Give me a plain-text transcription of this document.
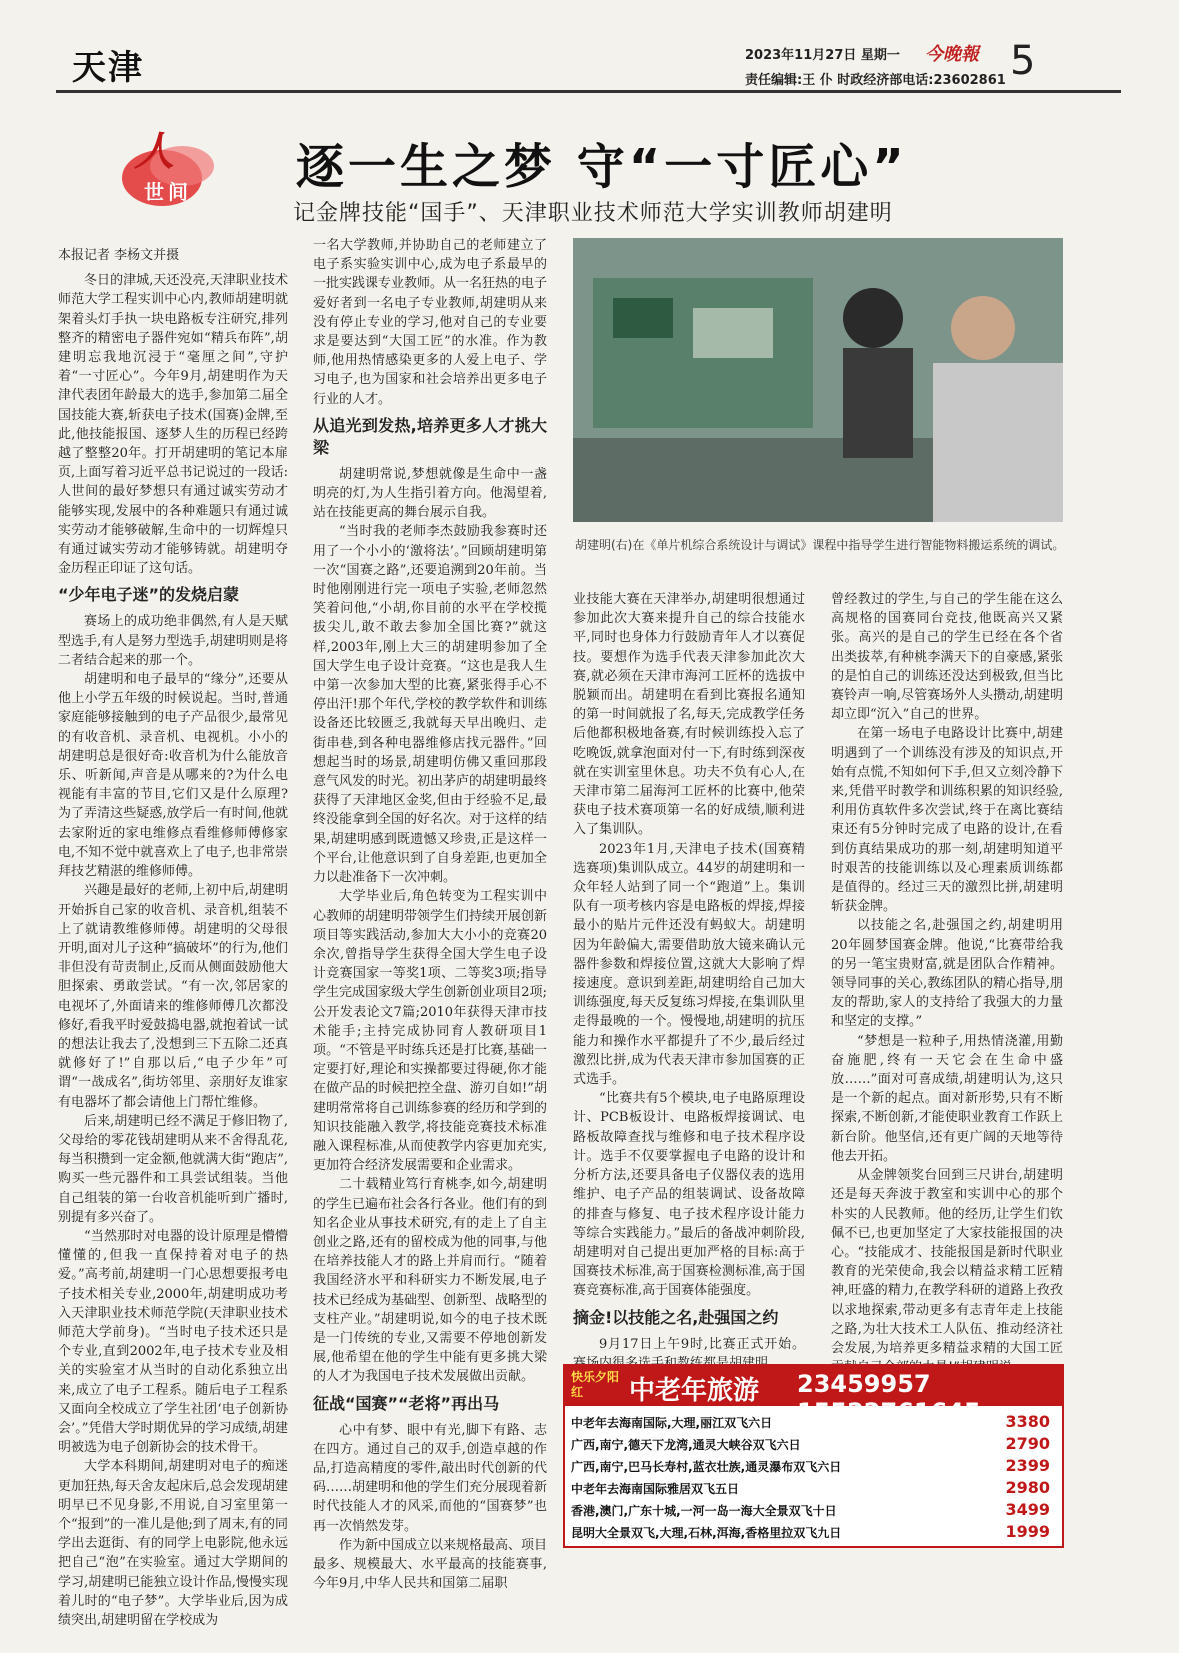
天津	2023年11月27日 星期一 今晚報
责任编辑:王 仆 时政经济部电话:23602861 5
人
世间 逐一生之梦 守“一寸匠心”
记金牌技能“国手”、天津职业技术师范大学实训教师胡建明

本报记者 李杨文并摄

冬日的津城,天还没亮,天津职业技术师范大学工程实训中心内,教师胡建明就架着头灯手执一块电路板专注研究,排列整齐的精密电子器件宛如“精兵布阵”,胡建明忘我地沉浸于“毫厘之间”,守护着“一寸匠心”。今年9月,胡建明作为天津代表团年龄最大的选手,参加第二届全国技能大赛,斩获电子技术(国赛)金牌,至此,他技能报国、逐梦人生的历程已经跨越了整整20年。打开胡建明的笔记本扉页,上面写着习近平总书记说过的一段话:人世间的最好梦想只有通过诚实劳动才能够实现,发展中的各种难题只有通过诚实劳动才能够破解,生命中的一切辉煌只有通过诚实劳动才能够铸就。胡建明夺金历程正印证了这句话。

“少年电子迷”的发烧启蒙

赛场上的成功绝非偶然,有人是天赋型选手,有人是努力型选手,胡建明则是将二者结合起来的那一个。

胡建明和电子最早的“缘分”,还要从他上小学五年级的时候说起。当时,普通家庭能够接触到的电子产品很少,最常见的有收音机、录音机、电视机。小小的胡建明总是很好奇:收音机为什么能放音乐、听新闻,声音是从哪来的?为什么电视能有丰富的节目,它们又是什么原理?为了弄清这些疑惑,放学后一有时间,他就去家附近的家电维修点看维修师傅修家电,不知不觉中就喜欢上了电子,也非常崇拜技艺精湛的维修师傅。

兴趣是最好的老师,上初中后,胡建明开始拆自己家的收音机、录音机,组装不上了就请教维修师傅。胡建明的父母很开明,面对儿子这种“搞破坏”的行为,他们非但没有苛责制止,反而从侧面鼓励他大胆探索、勇敢尝试。“有一次,邻居家的电视坏了,外面请来的维修师傅几次都没修好,看我平时爱鼓捣电器,就抱着试一试的想法让我去了,没想到三下五除二还真就修好了!”自那以后,“电子少年”可谓“一战成名”,街坊邻里、亲朋好友谁家有电器坏了都会请他上门帮忙维修。

后来,胡建明已经不满足于修旧物了,父母给的零花钱胡建明从来不舍得乱花,每当积攒到一定金额,他就满大街“跑店”,购买一些元器件和工具尝试组装。当他自己组装的第一台收音机能听到广播时,别提有多兴奋了。

“当然那时对电器的设计原理是懵懵懂懂的,但我一直保持着对电子的热爱。”高考前,胡建明一门心思想要报考电子技术相关专业,2000年,胡建明成功考入天津职业技术师范学院(天津职业技术师范大学前身)。“当时电子技术还只是个专业,直到2002年,电子技术专业及相关的实验室才从当时的自动化系独立出来,成立了电子工程系。随后电子工程系又面向全校成立了学生社团‘电子创新协会’。”凭借大学时期优异的学习成绩,胡建明被选为电子创新协会的技术骨干。

大学本科期间,胡建明对电子的痴迷更加狂热,每天舍友起床后,总会发现胡建明早已不见身影,不用说,自习室里第一个“报到”的一准儿是他;到了周末,有的同学出去逛街、有的同学上电影院,他永远把自己“泡”在实验室。通过大学期间的学习,胡建明已能独立设计作品,慢慢实现着儿时的“电子梦”。大学毕业后,因为成绩突出,胡建明留在学校成为

一名大学教师,并协助自己的老师建立了电子系实验实训中心,成为电子系最早的一批实践课专业教师。从一名狂热的电子爱好者到一名电子专业教师,胡建明从来没有停止专业的学习,他对自己的专业要求是要达到“大国工匠”的水准。作为教师,他用热情感染更多的人爱上电子、学习电子,也为国家和社会培养出更多电子行业的人才。

从追光到发热,培养更多人才挑大梁

胡建明常说,梦想就像是生命中一盏明亮的灯,为人生指引着方向。他渴望着,站在技能更高的舞台展示自我。

“当时我的老师李杰鼓励我参赛时还用了一个小小的‘激将法’。”回顾胡建明第一次“国赛之路”,还要追溯到20年前。当时他刚刚进行完一项电子实验,老师忽然笑着问他,“小胡,你目前的水平在学校揽拔尖儿,敢不敢去参加全国比赛?”就这样,2003年,刚上大三的胡建明参加了全国大学生电子设计竞赛。“这也是我人生中第一次参加大型的比赛,紧张得手心不停出汗!那个年代,学校的教学软件和训练设备还比较匮乏,我就每天早出晚归、走街串巷,到各种电器维修店找元器件。”回想起当时的场景,胡建明仿佛又重回那段意气风发的时光。初出茅庐的胡建明最终获得了天津地区金奖,但由于经验不足,最终没能拿到全国的好名次。对于这样的结果,胡建明感到既遗憾又珍贵,正是这样一个平台,让他意识到了自身差距,也更加全力以赴准备下一次冲刺。

大学毕业后,角色转变为工程实训中心教师的胡建明带领学生们持续开展创新项目等实践活动,参加大大小小的竞赛20余次,曾指导学生获得全国大学生电子设计竞赛国家一等奖1项、二等奖3项;指导学生完成国家级大学生创新创业项目2项;公开发表论文7篇;2010年获得天津市技术能手;主持完成协同育人教研项目1项。“不管是平时练兵还是打比赛,基础一定要打好,理论和实操都要过得硬,你才能在做产品的时候把控全盘、游刃自如!”胡建明常常将自己训练参赛的经历和学到的知识技能融入教学,将技能竞赛技术标准融入课程标准,从而使教学内容更加充实,更加符合经济发展需要和企业需求。

二十载精业笃行育桃李,如今,胡建明的学生已遍布社会各行各业。他们有的到知名企业从事技术研究,有的走上了自主创业之路,还有的留校成为他的同事,与他在培养技能人才的路上并肩而行。“随着我国经济水平和科研实力不断发展,电子技术已经成为基础型、创新型、战略型的支柱产业。”胡建明说,如今的电子技术既是一门传统的专业,又需要不停地创新发展,他希望在他的学生中能有更多挑大梁的人才为我国电子技术发展做出贡献。

征战“国赛”“老将”再出马

心中有梦、眼中有光,脚下有路、志在四方。通过自己的双手,创造卓越的作品,打造高精度的零件,敲出时代创新的代码……胡建明和他的学生们充分展现着新时代技能人才的风采,而他的“国赛梦”也再一次悄然发芽。

作为新中国成立以来规格最高、项目最多、规模最大、水平最高的技能赛事,今年9月,中华人民共和国第二届职

胡建明(右)在《单片机综合系统设计与调试》课程中指导学生进行智能物料搬运系统的调试。

业技能大赛在天津举办,胡建明很想通过参加此次大赛来提升自己的综合技能水平,同时也身体力行鼓励青年人才以赛促技。要想作为选手代表天津参加此次大赛,就必须在天津市海河工匠杯的选拔中脱颖而出。胡建明在看到比赛报名通知的第一时间就报了名,每天,完成教学任务后他都积极地备赛,有时候训练投入忘了吃晚饭,就拿泡面对付一下,有时练到深夜就在实训室里休息。功夫不负有心人,在天津市第二届海河工匠杯的比赛中,他荣获电子技术赛项第一名的好成绩,顺利进入了集训队。

2023年1月,天津电子技术(国赛精选赛项)集训队成立。44岁的胡建明和一众年轻人站到了同一个“跑道”上。集训队有一项考核内容是电路板的焊接,焊接最小的贴片元件还没有蚂蚁大。胡建明因为年龄偏大,需要借助放大镜来确认元器件参数和焊接位置,这就大大影响了焊接速度。意识到差距,胡建明给自己加大训练强度,每天反复练习焊接,在集训队里走得最晚的一个。慢慢地,胡建明的抗压能力和操作水平都提升了不少,最后经过激烈比拼,成为代表天津市参加国赛的正式选手。

“比赛共有5个模块,电子电路原理设计、PCB板设计、电路板焊接调试、电路板故障查找与维修和电子技术程序设计。选手不仅要掌握电子电路的设计和分析方法,还要具备电子仪器仪表的选用维护、电子产品的组装调试、设备故障的排查与修复、电子技术程序设计能力等综合实践能力。”最后的备战冲刺阶段,胡建明对自己提出更加严格的目标:高于国赛技术标准,高于国赛检测标准,高于国赛竞赛标准,高于国赛体能强度。

摘金!以技能之名,赴强国之约

9月17日上午9时,比赛正式开始。

曾经教过的学生,与自己的学生能在这么高规格的国赛同台竞技,他既高兴又紧张。高兴的是自己的学生已经在各个省出类拔萃,有种桃李满天下的自豪感,紧张的是怕自己的训练还没达到极致,但当比赛铃声一响,尽管赛场外人头攒动,胡建明却立即“沉入”自己的世界。

在第一场电子电路设计比赛中,胡建明遇到了一个训练没有涉及的知识点,开始有点慌,不知如何下手,但又立刻冷静下来,凭借平时教学和训练积累的知识经验,利用仿真软件多次尝试,终于在离比赛结束还有5分钟时完成了电路的设计,在看到仿真结果成功的那一刻,胡建明知道平时艰苦的技能训练以及心理素质训练都是值得的。经过三天的激烈比拼,胡建明斩获金牌。

以技能之名,赴强国之约,胡建明用20年圆梦国赛金牌。他说,“比赛带给我的另一笔宝贵财富,就是团队合作精神。领导同事的关心,教练团队的精心指导,朋友的帮助,家人的支持给了我强大的力量和坚定的支撑。”

“梦想是一粒种子,用热情浇灌,用勤奋施肥,终有一天它会在生命中盛放……”面对可喜成绩,胡建明认为,这只是一个新的起点。面对新形势,只有不断探索,不断创新,才能使职业教育工作跃上新台阶。他坚信,还有更广阔的天地等待他去开拓。

从金牌领奖台回到三尺讲台,胡建明还是每天奔波于教室和实训中心的那个朴实的人民教师。他的经历,让学生们钦佩不已,也更加坚定了大家技能报国的决心。“技能成才、技能报国是新时代职业教育的光荣使命,我会以精益求精工匠精神,旺盛的精力,在教学科研的道路上孜孜以求地探索,带动更多有志青年走上技能之路,为壮大技术工人队伍、推动经济社会发展,为培养更多精益求精的大国工匠

快乐夕阳红	中老年旅游 23459957 15522761645
中老年去海南国际,大理,丽江双飞六日	3380
广西,南宁,德天下龙湾,通灵大峡谷双飞六日	2790
广西,南宁,巴马长寿村,蓝衣壮族,通灵瀑布双飞六日	2399
中老年去海南国际雅居双飞五日	2980
香港,澳门,广东十城,一河一岛一海大全景双飞十日	3499
昆明大全景双飞,大理,石林,洱海,香格里拉双飞九日	1999
